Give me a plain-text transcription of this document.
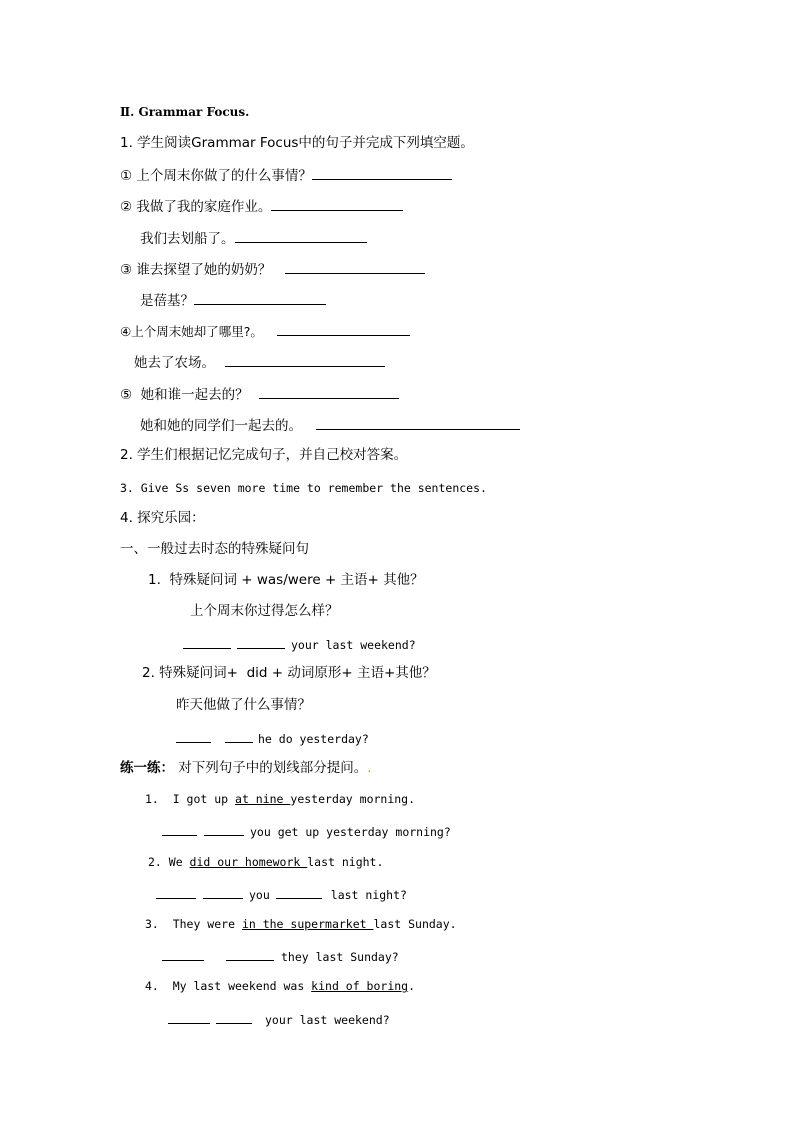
Ⅱ. Grammar Focus.
1. 学生阅读Grammar Focus中的句子并完成下列填空题。
① 上个周末你做了的什么事情？
② 我做了我的家庭作业。
我们去划船了。
③ 谁去探望了她的奶奶？
是蓓基？
④上个周末她却了哪里?。
她去了农场。
⑤  她和谁一起去的？
她和她的同学们一起去的。
2. 学生们根据记忆完成句子，并自己校对答案。
3. Give Ss seven more time to remember the sentences.
4. 探究乐园：
一、一般过去时态的特殊疑问句
1.  特殊疑问词 + was/were + 主语+ 其他？
上个周末你过得怎么样？
your last weekend?
2. 特殊疑问词+  did + 动词原形+ 主语+其他？
昨天他做了什么事情？
he do yesterday?
练一练： 对下列句子中的划线部分提问。.
1.  I got up at nine yesterday morning.
you get up yesterday morning?
2. We did our homework last night.
you	last night?
3.  They were in the supermarket last Sunday.
they last Sunday?
4.  My last weekend was kind of boring.
your last weekend?
